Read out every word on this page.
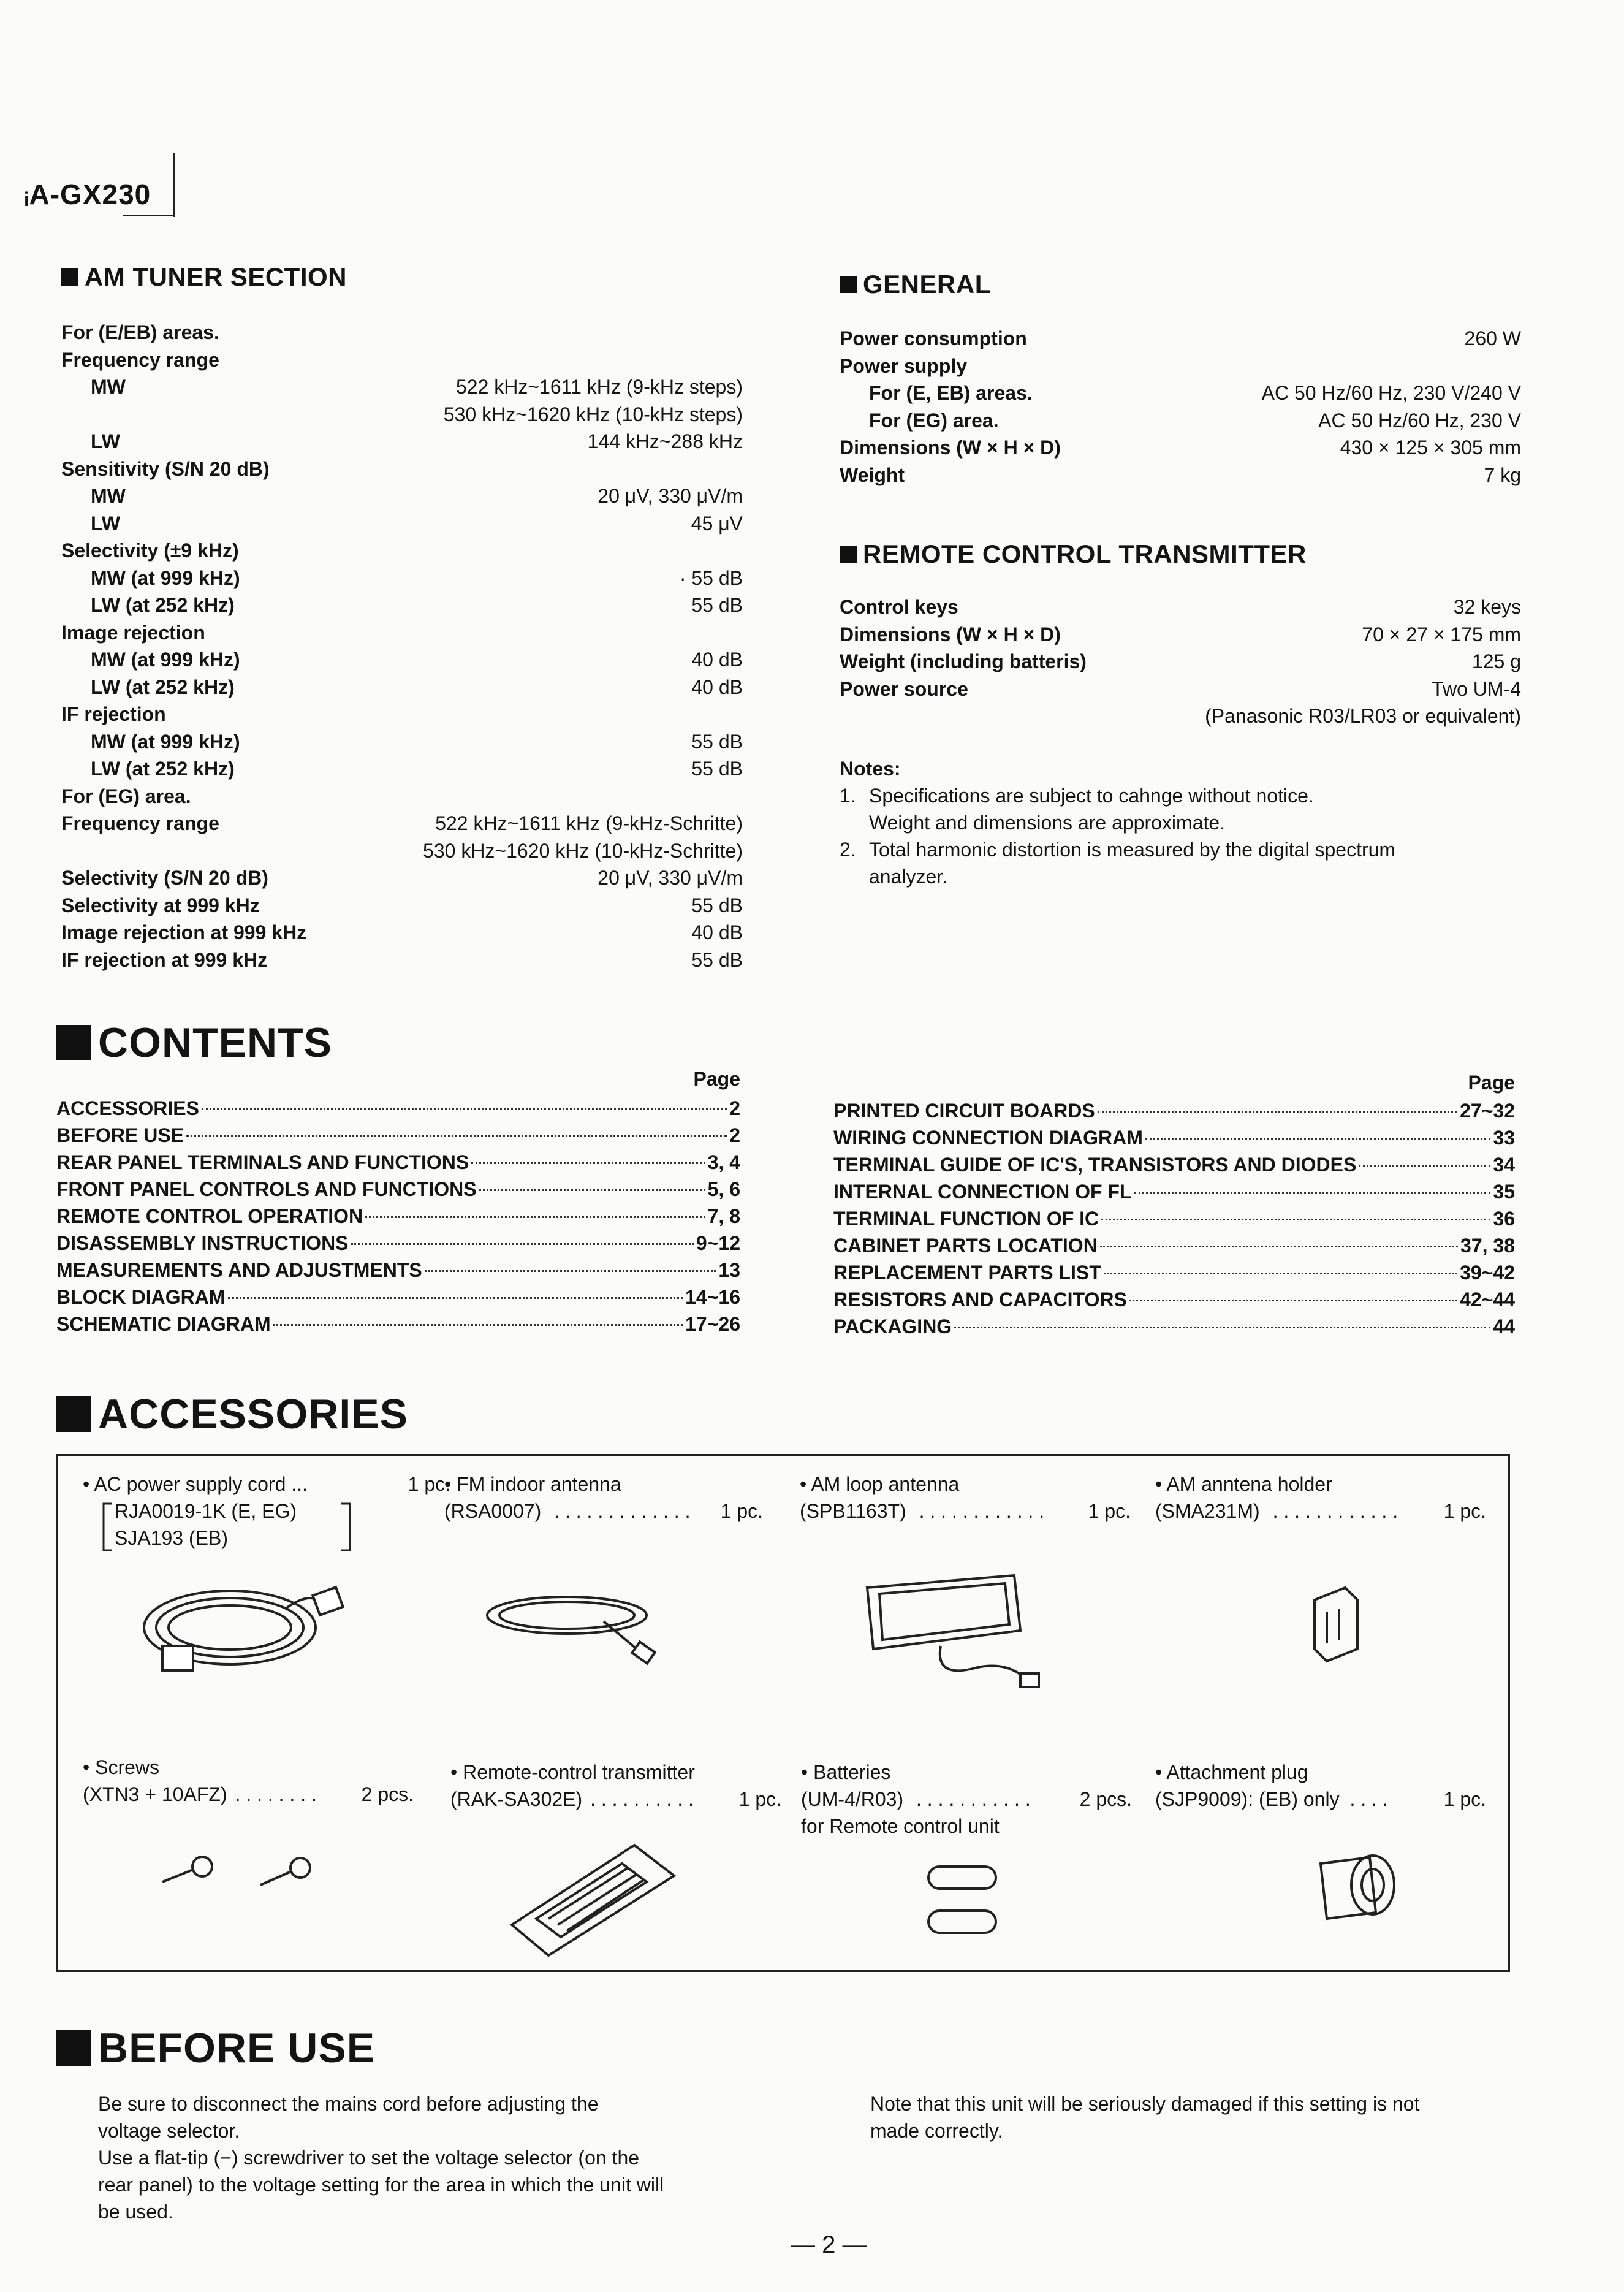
ᵢA-GX230
AM TUNER SECTION
For (E/EB) areas.
Frequency range
MW	522 kHz~1611 kHz (9-kHz steps)
530 kHz~1620 kHz (10-kHz steps)
LW	144 kHz~288 kHz
Sensitivity (S/N 20 dB)
MW	20 μV, 330 μV/m
LW	45 μV
Selectivity (±9 kHz)
MW (at 999 kHz)	· 55 dB
LW (at 252 kHz)	55 dB
Image rejection
MW (at 999 kHz)	40 dB
LW (at 252 kHz)	40 dB
IF rejection
MW (at 999 kHz)	55 dB
LW (at 252 kHz)	55 dB
For (EG) area.
Frequency range	522 kHz~1611 kHz (9-kHz-Schritte)
530 kHz~1620 kHz (10-kHz-Schritte)
Selectivity (S/N 20 dB)	20 μV, 330 μV/m
Selectivity at 999 kHz	55 dB
Image rejection at 999 kHz	40 dB
IF rejection at 999 kHz	55 dB
GENERAL
Power consumption	260 W
Power supply
For (E, EB) areas.	AC 50 Hz/60 Hz, 230 V/240 V
For (EG) area.	AC 50 Hz/60 Hz, 230 V
Dimensions (W × H × D)	430 × 125 × 305 mm
Weight	7 kg
REMOTE CONTROL TRANSMITTER
Control keys	32 keys
Dimensions (W × H × D)	70 × 27 × 175 mm
Weight (including batteris)	125 g
Power source	Two UM-4
(Panasonic R03/LR03 or equivalent)
Notes:
1. Specifications are subject to cahnge without notice.
Weight and dimensions are approximate.
2. Total harmonic distortion is measured by the digital spectrum
analyzer.
CONTENTS
Page	Page
ACCESSORIES	2
BEFORE USE	2
REAR PANEL TERMINALS AND FUNCTIONS	3, 4
FRONT PANEL CONTROLS AND FUNCTIONS	5, 6
REMOTE CONTROL OPERATION	7, 8
DISASSEMBLY INSTRUCTIONS	9~12
MEASUREMENTS AND ADJUSTMENTS	13
BLOCK DIAGRAM	14~16
SCHEMATIC DIAGRAM	17~26
PRINTED CIRCUIT BOARDS	27~32
WIRING CONNECTION DIAGRAM	33
TERMINAL GUIDE OF IC'S, TRANSISTORS AND DIODES	34
INTERNAL CONNECTION OF FL	35
TERMINAL FUNCTION OF IC	36
CABINET PARTS LOCATION	37, 38
REPLACEMENT PARTS LIST	39~42
RESISTORS AND CAPACITORS	42~44
PACKAGING	44
ACCESSORIES
• AC power supply cord ...	1 pc.
RJA0019-1K (E, EG)
SJA193 (EB)
• FM indoor antenna
(RSA0007) . . . . . . . . . . . . . 1 pc.
• AM loop antenna
(SPB1163T) . . . . . . . . . . . . 1 pc.
• AM anntena holder
(SMA231M) . . . . . . . . . . . . 1 pc.
• Screws
(XTN3 + 10AFZ) . . . . . . . . 2 pcs.
• Remote-control transmitter
(RAK-SA302E) . . . . . . . . . . 1 pc.
• Batteries
(UM-4/R03) . . . . . . . . . . . 2 pcs.
for Remote control unit
• Attachment plug
(SJP9009): (EB) only . . . .	1 pc.
BEFORE USE
Be sure to disconnect the mains cord before adjusting the
voltage selector.
Use a flat-tip (−) screwdriver to set the voltage selector (on the
rear panel) to the voltage setting for the area in which the unit will
be used.
Note that this unit will be seriously damaged if this setting is not
made correctly.
— 2 —
